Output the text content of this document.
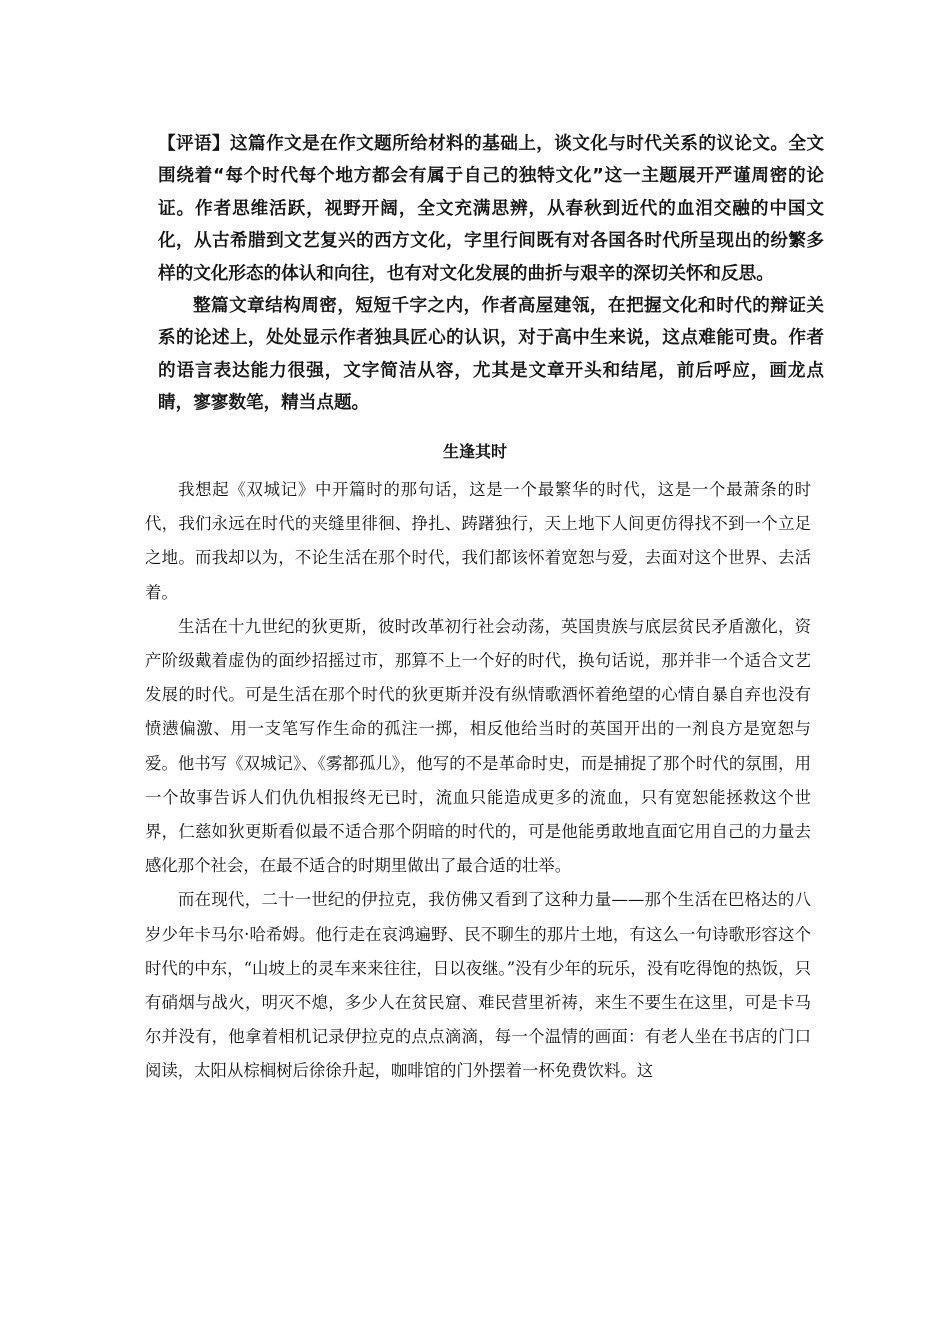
【评语】这篇作文是在作文题所给材料的基础上，谈文化与时代关系的议论文。全文围绕着“每个时代每个地方都会有属于自己的独特文化”这一主题展开严谨周密的论证。作者思维活跃，视野开阔，全文充满思辨，从春秋到近代的血泪交融的中国文化，从古希腊到文艺复兴的西方文化，字里行间既有对各国各时代所呈现出的纷繁多样的文化形态的体认和向往，也有对文化发展的曲折与艰辛的深切关怀和反思。

整篇文章结构周密，短短千字之内，作者高屋建瓴，在把握文化和时代的辩证关系的论述上，处处显示作者独具匠心的认识，对于高中生来说，这点难能可贵。作者的语言表达能力很强，文字简洁从容，尤其是文章开头和结尾，前后呼应，画龙点睛，寥寥数笔，精当点题。

生逢其时

我想起《双城记》中开篇时的那句话，这是一个最繁华的时代，这是一个最萧条的时代，我们永远在时代的夹缝里徘徊、挣扎、踌躇独行，天上地下人间更仿得找不到一个立足之地。而我却以为，不论生活在那个时代，我们都该怀着宽恕与爱，去面对这个世界、去活着。

生活在十九世纪的狄更斯，彼时改革初行社会动荡，英国贵族与底层贫民矛盾激化，资产阶级戴着虚伪的面纱招摇过市，那算不上一个好的时代，换句话说，那并非一个适合文艺发展的时代。可是生活在那个时代的狄更斯并没有纵情歌酒怀着绝望的心情自暴自弃也没有愤懑偏激、用一支笔写作生命的孤注一掷，相反他给当时的英国开出的一剂良方是宽恕与爱。他书写《双城记》、《雾都孤儿》，他写的不是革命时史，而是捕捉了那个时代的氛围，用一个故事告诉人们仇仇相报终无已时，流血只能造成更多的流血，只有宽恕能拯救这个世界，仁慈如狄更斯看似最不适合那个阴暗的时代的，可是他能勇敢地直面它用自己的力量去感化那个社会，在最不适合的时期里做出了最合适的壮举。

而在现代，二十一世纪的伊拉克，我仿佛又看到了这种力量——那个生活在巴格达的八岁少年卡马尔·哈希姆。他行走在哀鸿遍野、民不聊生的那片土地，有这么一句诗歌形容这个时代的中东，“山坡上的灵车来来往往，日以夜继。”没有少年的玩乐，没有吃得饱的热饭，只有硝烟与战火，明灭不熄，多少人在贫民窟、难民营里祈祷，来生不要生在这里，可是卡马尔并没有，他拿着相机记录伊拉克的点点滴滴，每一个温情的画面：有老人坐在书店的门口阅读，太阳从棕榈树后徐徐升起，咖啡馆的门外摆着一杯免费饮料。这
